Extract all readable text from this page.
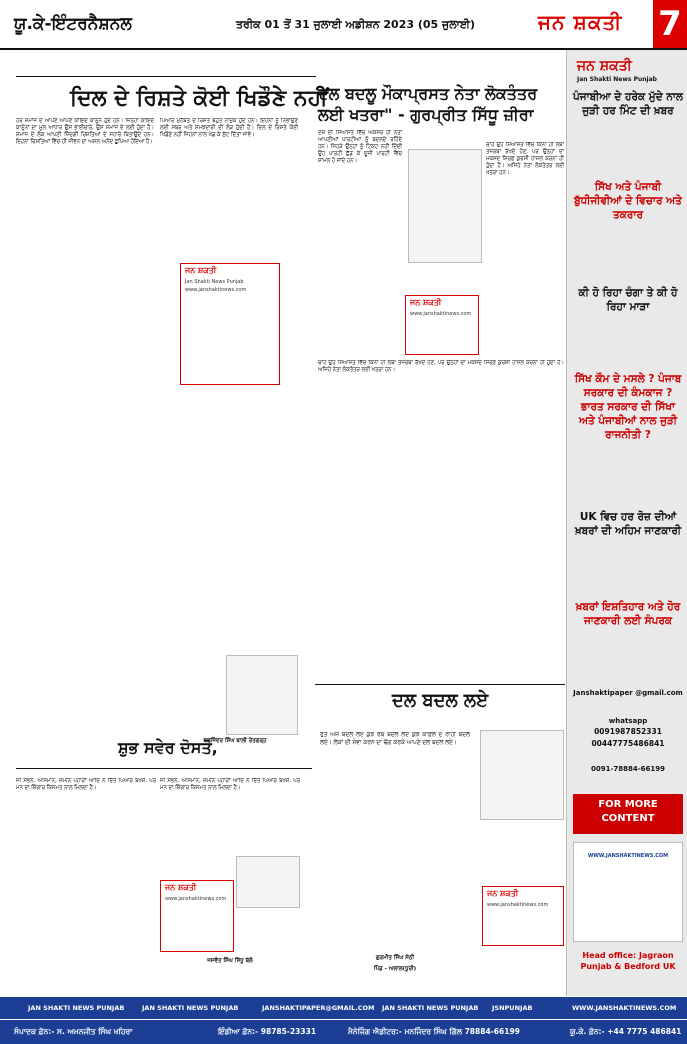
ਯੂ.ਕੇ-ਇੰਟਰਨੈਸ਼ਨਲ	ਤਰੀਕ 01 ਤੋਂ 31 ਜੁਲਾਈ ਅਡੀਸ਼ਨ 2023 (05 ਜੁਲਾਈ)	ਜਨ ਸ਼ਕਤੀ 7
ਦਿਲ ਦੇ ਰਿਸ਼ਤੇ ਕੋਈ ਖਿਡੌਣੇ ਨਹੀਂ
ਹਰ ਸਮਾਜ ਦੇ ਆਪਣੇ ਆਪਣੇ ਕਾਇਦੇ ਕਾਨੂੰਨ ਹੁੰਦੇ ਹਨ। ਜਿਨ੍ਹਾਂ ਕਾਇਦੇ ਕਾਨੂੰਨਾਂ ਦਾ ਮੂਲ ਆਧਾਰ ਉਸ ਭਾਈਚਾਰੇ, ਉਸ ਸਮਾਜ ਦੇ ਲਈ ਹੁੰਦਾ ਹੈ। ਸਮਾਜ ਦੇ ਲੋਕ ਆਪਣੀ ਜ਼ਿੰਦਗੀ ਰਿਸ਼ਤਿਆਂ ਦੇ ਸਹਾਰੇ ਬਿਤਾਉਂਦੇ ਹਨ। ਇਹਨਾਂ ਰਿਸ਼ਤਿਆਂ ਵਿੱਚ ਹੀ ਜੀਵਨ ਦਾ ਅਸਲ ਅਨੰਦ ਛੁਪਿਆ ਹੋਇਆ ਹੈ।
ਪਿਆਰ ਮੁਹੱਬਤ ਦੇ ਰਿਸ਼ਤੇ ਬਹੁਤ ਨਾਜ਼ੁਕ ਹੁੰਦੇ ਹਨ। ਇਹਨਾਂ ਨੂੰ ਨਿਭਾਉਣ ਲਈ ਸਬਰ ਅਤੇ ਸਮਝਦਾਰੀ ਦੀ ਲੋੜ ਹੁੰਦੀ ਹੈ। ਦਿਲ ਦੇ ਰਿਸ਼ਤੇ ਕੋਈ ਖਿਡੌਣੇ ਨਹੀਂ ਜਿਹਨਾਂ ਨਾਲ ਖੇਡ ਕੇ ਸੁੱਟ ਦਿੱਤਾ ਜਾਵੇ।
ਜਨ ਸ਼ਕਤੀ
Jan Shakti News Punjab
www.janshaktinews.com
ਬਲਜਿੰਦਰ ਸਿੰਘ ਬਾਲੀ ਰੇਤਗੜ੍ਹ
ਦਲ ਬਦਲੂ ਮੌਕਾਪ੍ਰਸਤ ਨੇਤਾ ਲੋਕਤੰਤਰ ਲਈ ਖਤਰਾ" - ਗੁਰਪ੍ਰੀਤ ਸਿੱਧੂ ਜ਼ੀਰਾ
ਦੇਸ਼ ਦੀ ਸਿਆਸਤ ਵਿੱਚ ਅਕਸਰ ਹੀ ਨੇਤਾ ਆਪਣੀਆਂ ਪਾਰਟੀਆਂ ਨੂੰ ਬਦਲਦੇ ਰਹਿੰਦੇ ਹਨ। ਜਿਹੜੇ ਉਨ੍ਹਾਂ ਨੂੰ ਟਿਕਟ ਨਹੀਂ ਦਿੰਦੀ ਉਹ ਪਾਰਟੀ ਛੱਡ ਕੇ ਦੂਜੀ ਪਾਰਟੀ ਵਿੱਚ ਸ਼ਾਮਲ ਹੋ ਜਾਂਦੇ ਹਨ।
ਚਾਹੇ ਉਹ ਸਿਆਸਤ ਵਿੱਚ ਕਿੰਨਾ ਹੀ ਲੰਬਾ ਤਜਰਬਾ ਰੱਖਦੇ ਹੋਣ, ਪਰ ਉਨ੍ਹਾਂ ਦਾ ਮਕਸਦ ਸਿਰਫ਼ ਕੁਰਸੀ ਹਾਸਲ ਕਰਨਾ ਹੀ ਹੁੰਦਾ ਹੈ। ਅਜਿਹੇ ਨੇਤਾ ਲੋਕਤੰਤਰ ਲਈ ਖਤਰਾ ਹਨ।
ਜਨ ਸ਼ਕਤੀ
www.janshaktinews.com
ਚਾਹੇ ਉਹ ਸਿਆਸਤ ਵਿੱਚ ਕਿੰਨਾ ਹੀ ਲੰਬਾ ਤਜਰਬਾ ਰੱਖਦੇ ਹੋਣ, ਪਰ ਉਨ੍ਹਾਂ ਦਾ ਮਕਸਦ ਸਿਰਫ਼ ਕੁਰਸੀ ਹਾਸਲ ਕਰਨਾ ਹੀ ਹੁੰਦਾ ਹੈ। ਅਜਿਹੇ ਨੇਤਾ ਲੋਕਤੰਤਰ ਲਈ ਖਤਰਾ ਹਨ।
ਸ਼ੁਭ ਸਵੇਰ ਦੋਸਤੋ,
ਜੀ ਸਭਨੇ, ਆਸਮਾਨ, ਜ਼ਮੀਨ ਪਹਾੜਾਂ ਆਦਿ ਨੇ ਰਿੱਤ ਪਿਆਰ ਬਖਸ਼ੇ, ਪਰ ਮਨ ਦਾ ਸ਼ਿੰਗਾਰ ਕਿਸਮਤ ਨਾਲ ਮਿਲਦਾ ਹੈ।
ਜੀ ਸਭਨੇ, ਆਸਮਾਨ, ਜ਼ਮੀਨ ਪਹਾੜਾਂ ਆਦਿ ਨੇ ਰਿੱਤ ਪਿਆਰ ਬਖਸ਼ੇ, ਪਰ ਮਨ ਦਾ ਸ਼ਿੰਗਾਰ ਕਿਸਮਤ ਨਾਲ ਮਿਲਦਾ ਹੈ।
ਜਸਵੰਤ ਸਿੰਘ ਸਿੱਧੂ ਬੱਲੋ
ਜਨ ਸ਼ਕਤੀ
www.janshaktinews.com
ਦਲ ਬਦਲ ਲਏ
ਰੁਤ ਅੱਜ ਬਦਲ ਲਏ ਕੁਝ ਰੱਬ ਬਦਲ ਲਏ ਕੁਝ ਕਾਫ਼ਲੇ ਦੇ ਰਾਹੀ ਬਦਲ ਲਏ। ਲੋਕਾਂ ਦੀ ਸੇਵਾ ਕਰਨ ਦਾ ਢੋਂਗ ਕਰਕੇ ਆਪਣੇ ਦਲ ਬਦਲ ਲਏ।
ਜਨ ਸ਼ਕਤੀ
www.janshaktinews.com
ਗੁਰਮੀਤ ਸਿੰਘ ਸੇਠੀ
ਪਿੰਡ - ਅਲਾਲ(ਧੂਰੀ)
ਜਨ ਸ਼ਕਤੀ
Jan Shakti News Punjab
ਪੰਜਾਬੀਆ ਦੇ ਹਰੇਕ ਮੁੱਦੇ ਨਾਲ ਜੁੜੀ ਹਰ ਮਿੰਟ ਦੀ ਖ਼ਬਰ
ਸਿੱਖ ਅਤੇ ਪੰਜਾਬੀ ਬੁੱਧੀਜੀਵੀਆਂ ਦੇ ਵਿਚਾਰ ਅਤੇ ਤਕਰਾਰ
ਕੀ ਹੋ ਰਿਹਾ ਚੰਗਾ ਤੇ ਕੀ ਹੋ ਰਿਹਾ ਮਾੜਾ
ਸਿੱਖ ਕੌਮ ਦੇ ਮਸਲੇ ? ਪੰਜਾਬ ਸਰਕਾਰ ਦੀ ਕੰਮਕਾਜ ? ਭਾਰਤ ਸਰਕਾਰ ਦੀ ਸਿੱਖਾ ਅਤੇ ਪੰਜਾਬੀਆਂ ਨਾਲ ਜੁੜੀ ਰਾਜਨੀਤੀ ?
UK ਵਿਚ ਹਰ ਰੋਜ਼ ਦੀਆਂ ਖ਼ਬਰਾਂ ਦੀ ਅਹਿਮ ਜਾਣਕਾਰੀ
ਖ਼ਬਰਾਂ ਇਸ਼ਤਿਹਾਰ ਅਤੇ ਹੋਰ ਜਾਣਕਾਰੀ ਲਈ ਸੰਪਰਕ
Janshaktipaper @gmail.com
whatsapp
0091987852331
00447775486841
0091-78884-66199
FOR MORE CONTENT
WWW.JANSHAKTINEWS.COM
Head office: Jagraon Punjab & Bedford UK
JAN SHAKTI NEWS PUNJAB	JAN SHAKTI NEWS PUNJAB	JANSHAKTIPAPER@GMAIL.COM JAN SHAKTI NEWS PUNJAB JSNPUNJAB	WWW.JANSHAKTINEWS.COM
ਸੰਪਾਦਕ ਫ਼ੋਨ:- ਸ. ਅਮਨਜੀਤ ਸਿੰਘ ਖਹਿਰਾ	ਇੰਡੀਆ ਫ਼ੋਨ:- 98785-23331	ਮੈਨੇਜਿੰਗ ਐਡੀਟਰ:- ਮਨਜਿੰਦਰ ਸਿੰਘ ਗਿੱਲ 78884-66199	ਯੂ.ਕੇ. ਫ਼ੋਨ:- +44 7775 486841
